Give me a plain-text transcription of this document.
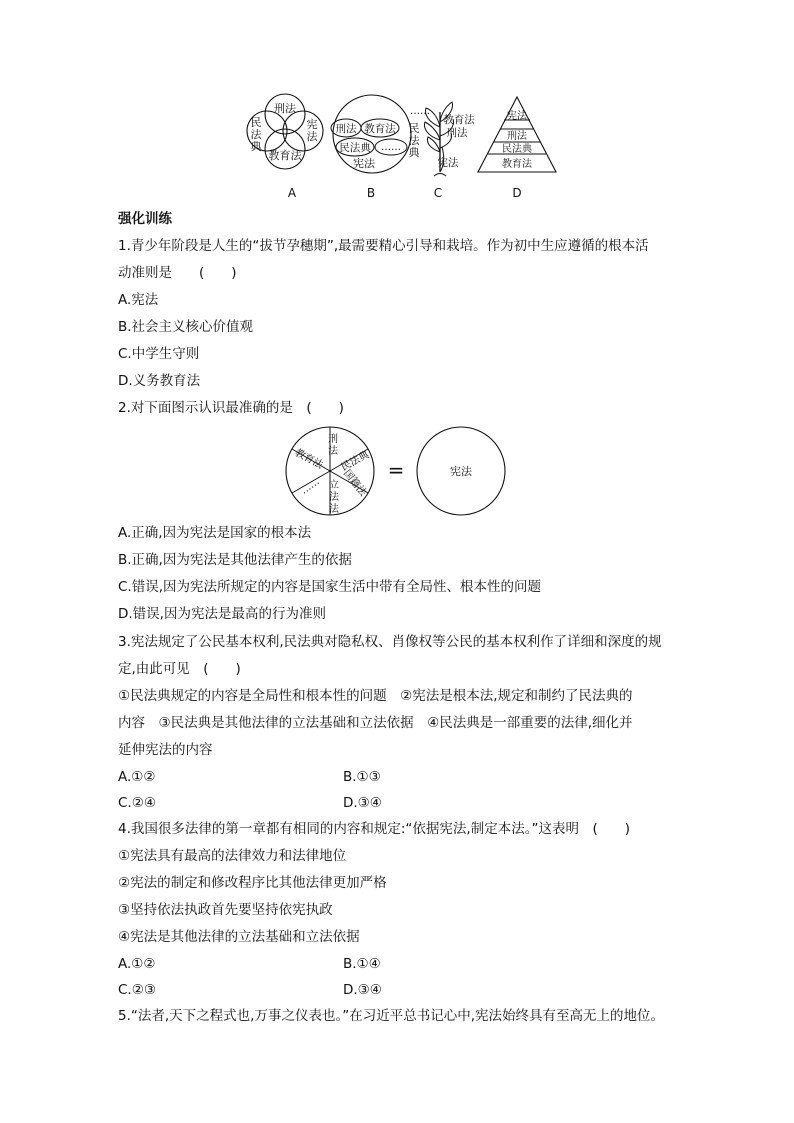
刑法
民法典
宪法
教育法
A
刑法 教育法
民法典 ……
宪法
B
……
民法典
教育法
刑法
宪法
C
宪法
刑法
民法典
教育法
D
强化训练
1.青少年阶段是人生的“拔节孕穗期”,最需要精心引导和栽培。作为初中生应遵循的根本活
动准则是　　(　　)
A.宪法
B.社会主义核心价值观
C.中学生守则
D.义务教育法
2.对下面图示认识最准确的是　(　　)
刑法 民法典
国籍法
立法法
……
教育法	=	宪法
A.正确,因为宪法是国家的根本法
B.正确,因为宪法是其他法律产生的依据
C.错误,因为宪法所规定的内容是国家生活中带有全局性、根本性的问题
D.错误,因为宪法是最高的行为准则
3.宪法规定了公民基本权利,民法典对隐私权、肖像权等公民的基本权利作了详细和深度的规
定,由此可见　(　　)
①民法典规定的内容是全局性和根本性的问题　②宪法是根本法,规定和制约了民法典的
内容　③民法典是其他法律的立法基础和立法依据　④民法典是一部重要的法律,细化并
延伸宪法的内容
A.①②	B.①③
C.②④	D.③④
4.我国很多法律的第一章都有相同的内容和规定:“依据宪法,制定本法。”这表明　(　　)
①宪法具有最高的法律效力和法律地位
②宪法的制定和修改程序比其他法律更加严格
③坚持依法执政首先要坚持依宪执政
④宪法是其他法律的立法基础和立法依据
A.①②	B.①④
C.②③	D.③④
5.“法者,天下之程式也,万事之仪表也。”在习近平总书记心中,宪法始终具有至高无上的地位。
